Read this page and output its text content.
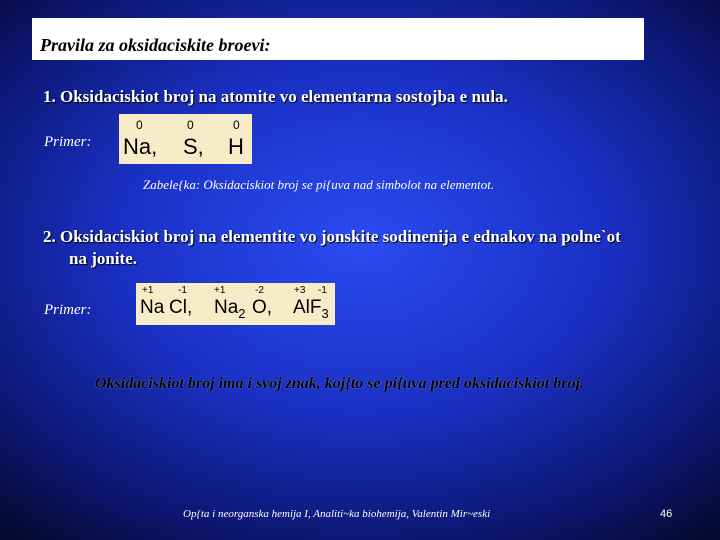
Pravila za oksidaciskite broevi:
1. Oksidaciskiot broj na atomite vo elementarna sostojba e nula.
Primer:
0
Na,
0
S,
0
H
Zabele{ka: Oksidaciskiot broj se pi{uva nad simbolot na elementot.
2. Oksidaciskiot broj na elementite vo jonskite sodinenija e ednakov na polne`ot
na jonite.
Primer:
+1 -1	+1	-2	+3 -1
Na Cl, $Na_2$ O, AlF$_3$
Oksidaciskiot broj ima i svoj znak, koj{to se pi{uva pred oksidaciskiot broj.
Op{ta i neorganska hemija I, Analiti~ka biohemija, Valentin Mir~eski	46
